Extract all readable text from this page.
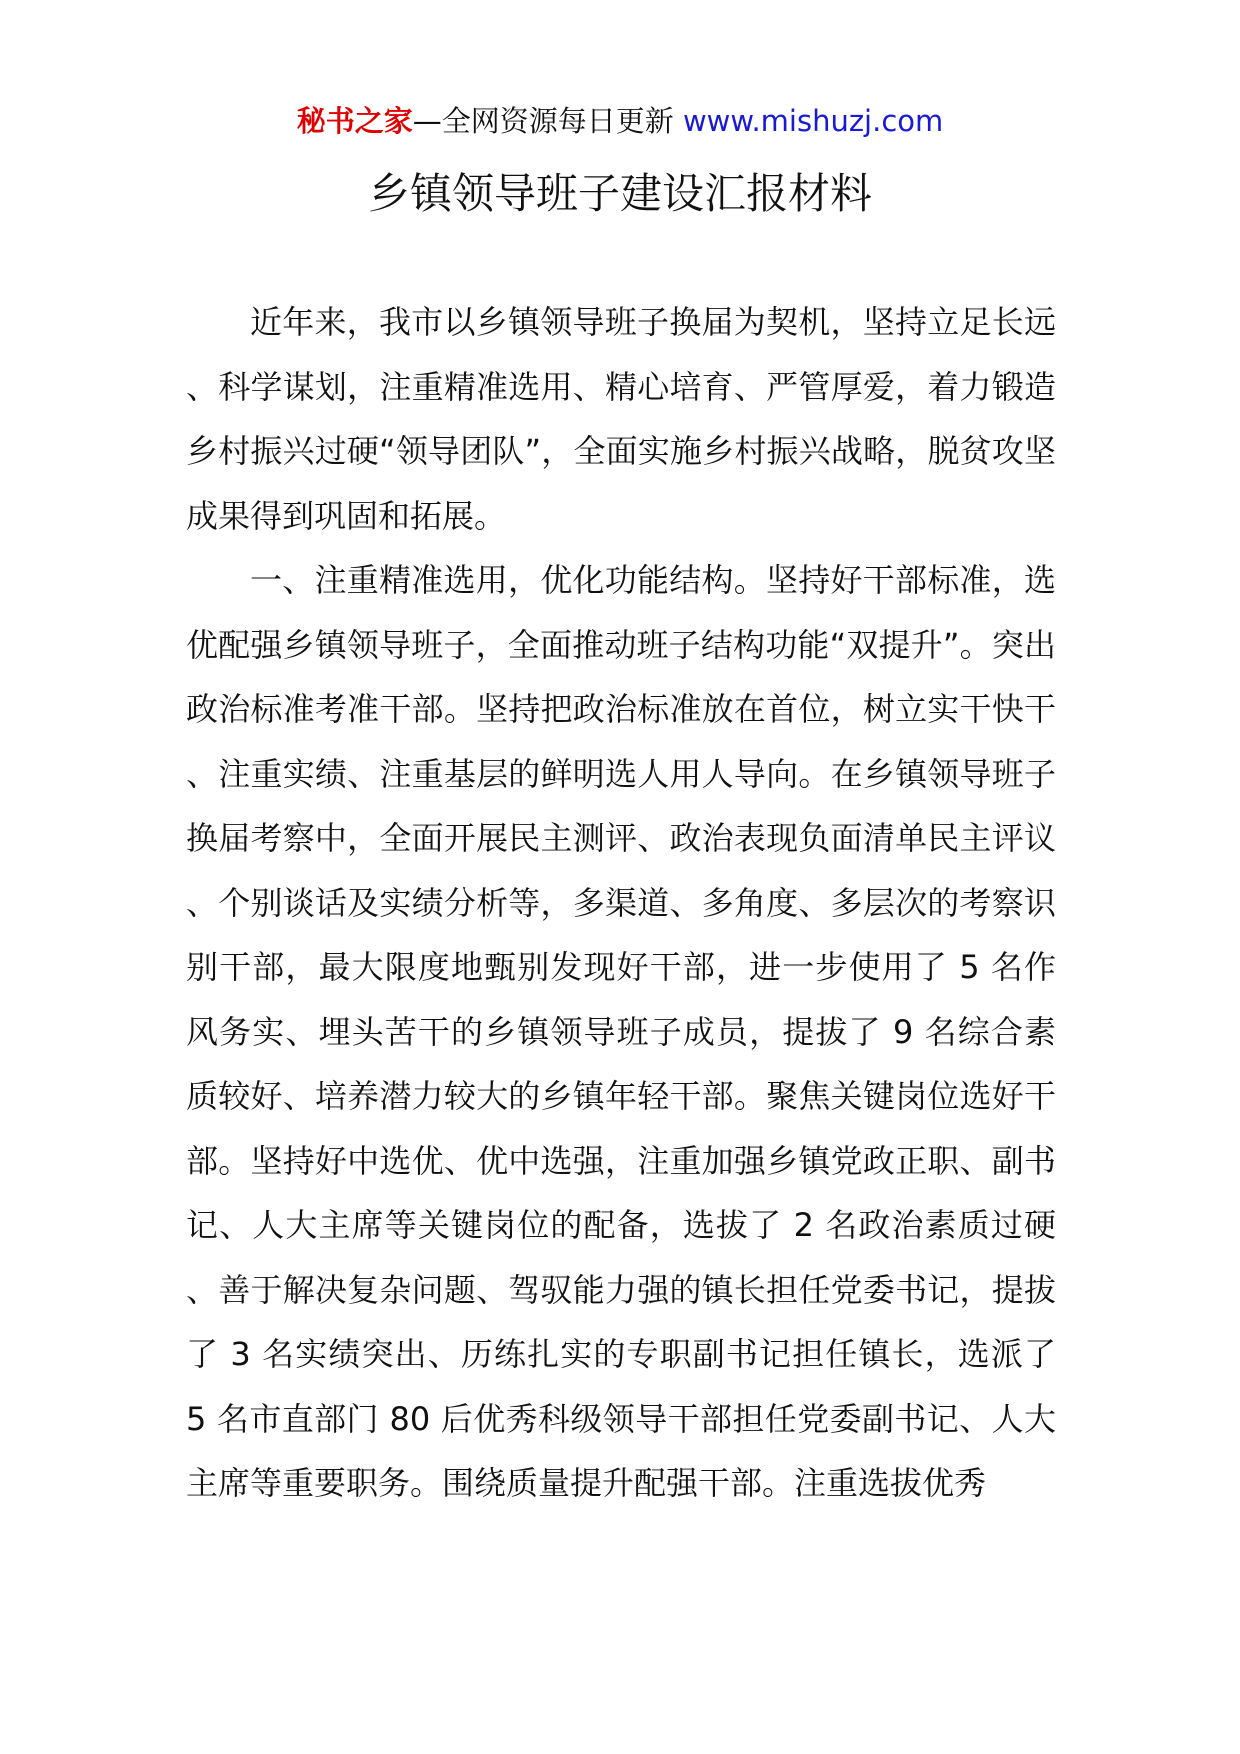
秘书之家—全网资源每日更新 www.mishuzj.com
乡镇领导班子建设汇报材料

近年来，我市以乡镇领导班子换届为契机，坚持立足长远、科学谋划，注重精准选用、精心培育、严管厚爱，着力锻造乡村振兴过硬“领导团队”，全面实施乡村振兴战略，脱贫攻坚成果得到巩固和拓展。

一、注重精准选用，优化功能结构。坚持好干部标准，选优配强乡镇领导班子，全面推动班子结构功能“双提升”。突出政治标准考准干部。坚持把政治标准放在首位，树立实干快干、注重实绩、注重基层的鲜明选人用人导向。在乡镇领导班子换届考察中，全面开展民主测评、政治表现负面清单民主评议、个别谈话及实绩分析等，多渠道、多角度、多层次的考察识别干部，最大限度地甄别发现好干部，进一步使用了 5 名作风务实、埋头苦干的乡镇领导班子成员，提拔了 9 名综合素质较好、培养潜力较大的乡镇年轻干部。聚焦关键岗位选好干部。坚持好中选优、优中选强，注重加强乡镇党政正职、副书记、人大主席等关键岗位的配备，选拔了 2 名政治素质过硬、善于解决复杂问题、驾驭能力强的镇长担任党委书记，提拔了 3 名实绩突出、历练扎实的专职副书记担任镇长，选派了 5 名市直部门 80 后优秀科级领导干部担任党委副书记、人大主席等重要职务。围绕质量提升配强干部。注重选拔优秀
